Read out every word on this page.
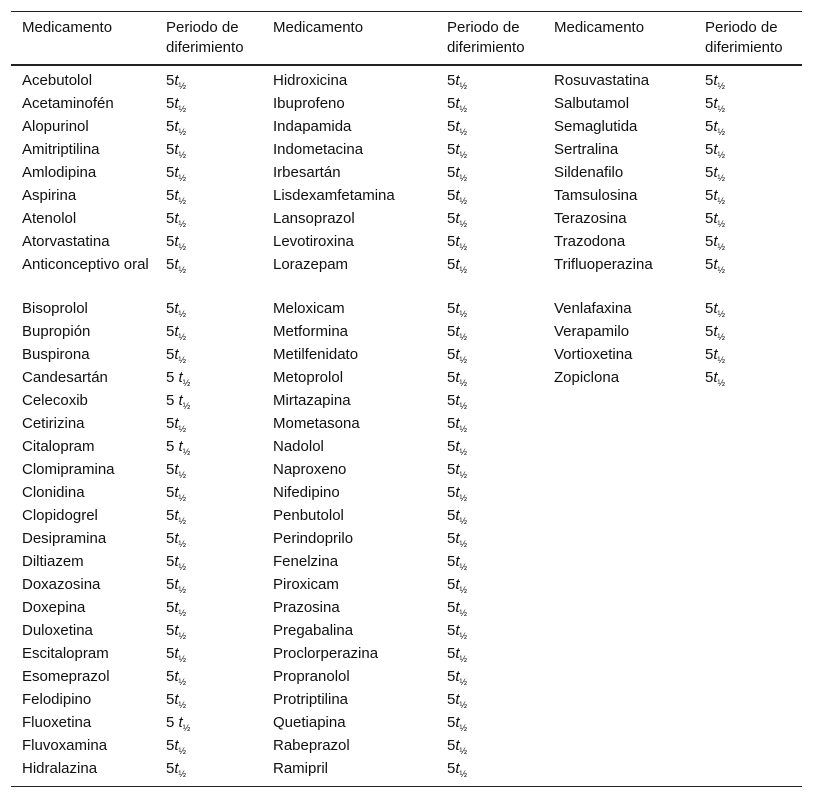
Medicamento	Periodo de diferimiento	Medicamento	Periodo de diferimiento	Medicamento	Periodo de diferimiento
Acebutolol	$5t_{\frac{1}{2}}$	Hidroxicina	$5t_{\frac{1}{2}}$	Rosuvastatina	$5t_{\frac{1}{2}}$
Acetaminofén	$5t_{\frac{1}{2}}$	Ibuprofeno	$5t_{\frac{1}{2}}$	Salbutamol	$5t_{\frac{1}{2}}$
Alopurinol	$5t_{\frac{1}{2}}$	Indapamida	$5t_{\frac{1}{2}}$	Semaglutida	$5t_{\frac{1}{2}}$
Amitriptilina	$5t_{\frac{1}{2}}$	Indometacina	$5t_{\frac{1}{2}}$	Sertralina	$5t_{\frac{1}{2}}$
Amlodipina	$5t_{\frac{1}{2}}$	Irbesartán	$5t_{\frac{1}{2}}$	Sildenafilo	$5t_{\frac{1}{2}}$
Aspirina	$5t_{\frac{1}{2}}$	Lisdexamfetamina	$5t_{\frac{1}{2}}$	Tamsulosina	$5t_{\frac{1}{2}}$
Atenolol	$5t_{\frac{1}{2}}$	Lansoprazol	$5t_{\frac{1}{2}}$	Terazosina	$5t_{\frac{1}{2}}$
Atorvastatina	$5t_{\frac{1}{2}}$	Levotiroxina	$5t_{\frac{1}{2}}$	Trazodona	$5t_{\frac{1}{2}}$
Anticonceptivo oral	$5t_{\frac{1}{2}}$	Lorazepam	$5t_{\frac{1}{2}}$	Trifluoperazina	$5t_{\frac{1}{2}}$
Bisoprolol	$5t_{\frac{1}{2}}$	Meloxicam	$5t_{\frac{1}{2}}$	Venlafaxina	$5t_{\frac{1}{2}}$
Bupropión	$5t_{\frac{1}{2}}$	Metformina	$5t_{\frac{1}{2}}$	Verapamilo	$5t_{\frac{1}{2}}$
Buspirona	$5t_{\frac{1}{2}}$	Metilfenidato	$5t_{\frac{1}{2}}$	Vortioxetina	$5t_{\frac{1}{2}}$
Candesartán	5 $t_{\frac{1}{2}}$	Metoprolol	$5t_{\frac{1}{2}}$	Zopiclona	$5t_{\frac{1}{2}}$
Celecoxib	5 $t_{\frac{1}{2}}$	Mirtazapina	$5t_{\frac{1}{2}}$		
Cetirizina	$5t_{\frac{1}{2}}$	Mometasona	$5t_{\frac{1}{2}}$		
Citalopram	5 $t_{\frac{1}{2}}$	Nadolol	$5t_{\frac{1}{2}}$		
Clomipramina	$5t_{\frac{1}{2}}$	Naproxeno	$5t_{\frac{1}{2}}$		
Clonidina	$5t_{\frac{1}{2}}$	Nifedipino	$5t_{\frac{1}{2}}$		
Clopidogrel	$5t_{\frac{1}{2}}$	Penbutolol	$5t_{\frac{1}{2}}$		
Desipramina	$5t_{\frac{1}{2}}$	Perindoprilo	$5t_{\frac{1}{2}}$		
Diltiazem	$5t_{\frac{1}{2}}$	Fenelzina	$5t_{\frac{1}{2}}$		
Doxazosina	$5t_{\frac{1}{2}}$	Piroxicam	$5t_{\frac{1}{2}}$		
Doxepina	$5t_{\frac{1}{2}}$	Prazosina	$5t_{\frac{1}{2}}$		
Duloxetina	$5t_{\frac{1}{2}}$	Pregabalina	$5t_{\frac{1}{2}}$		
Escitalopram	$5t_{\frac{1}{2}}$	Proclorperazina	$5t_{\frac{1}{2}}$		
Esomeprazol	$5t_{\frac{1}{2}}$	Propranolol	$5t_{\frac{1}{2}}$		
Felodipino	$5t_{\frac{1}{2}}$	Protriptilina	$5t_{\frac{1}{2}}$		
Fluoxetina	5 $t_{\frac{1}{2}}$	Quetiapina	$5t_{\frac{1}{2}}$		
Fluvoxamina	$5t_{\frac{1}{2}}$	Rabeprazol	$5t_{\frac{1}{2}}$		
Hidralazina	$5t_{\frac{1}{2}}$	Ramipril	$5t_{\frac{1}{2}}$		
